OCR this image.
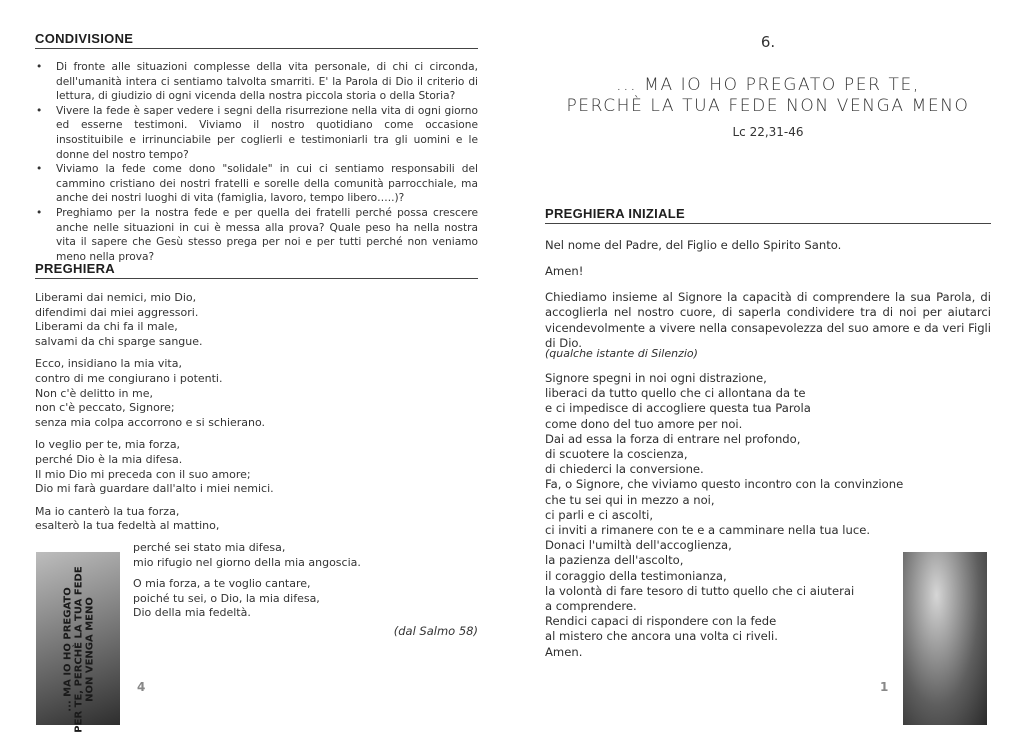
CONDIVISIONE
• Di fronte alle situazioni complesse della vita personale, di chi ci circonda, dell'umanità intera ci sentiamo talvolta smarriti. E' la Parola di Dio il criterio di lettura, di giudizio di ogni vicenda della nostra piccola storia o della Storia?
• Vivere la fede è saper vedere i segni della risurrezione nella vita di ogni giorno ed esserne testimoni. Viviamo il nostro quotidiano come occasione insostituibile e irrinunciabile per coglierli e testimoniarli tra gli uomini e le donne del nostro tempo?
• Viviamo la fede come dono "solidale" in cui ci sentiamo responsabili del cammino cristiano dei nostri fratelli e sorelle della comunità parrocchiale, ma anche dei nostri luoghi di vita (famiglia, lavoro, tempo libero…..)?
• Preghiamo per la nostra fede e per quella dei fratelli perché possa crescere anche nelle situazioni in cui è messa alla prova? Quale peso ha nella nostra vita il sapere che Gesù stesso prega per noi e per tutti perché non veniamo meno nella prova?
PREGHIERA

Liberami dai nemici, mio Dio,
difendimi dai miei aggressori.
Liberami da chi fa il male,
salvami da chi sparge sangue.

Ecco, insidiano la mia vita,
contro di me congiurano i potenti.
Non c'è delitto in me,
non c'è peccato, Signore;
senza mia colpa accorrono e si schierano.

Io veglio per te, mia forza,
perché Dio è la mia difesa.
Il mio Dio mi preceda con il suo amore;
Dio mi farà guardare dall'alto i miei nemici.

Ma io canterò la tua forza,
esalterò la tua fedeltà al mattino,

perché sei stato mia difesa,
mio rifugio nel giorno della mia angoscia.

O mia forza, a te voglio cantare,
poiché tu sei, o Dio, la mia difesa,
Dio della mia fedeltà.

(dal Salmo 58)
... MA IO HO PREGATO PER TE, PERCHÈ LA TUA FEDE NON VENGA MENO	4
6.
... MA IO HO PREGATO PER TE,
PERCHÈ LA TUA FEDE NON VENGA MENO
Lc 22,31-46
PREGHIERA INIZIALE

Nel nome del Padre, del Figlio e dello Spirito Santo.

Amen!

Chiediamo insieme al Signore la capacità di comprendere la sua Parola, di accoglierla nel nostro cuore, di saperla condividere tra di noi per aiutarci vicendevolmente a vivere nella consapevolezza del suo amore e da veri Figli di Dio.

(qualche istante di Silenzio)

Signore spegni in noi ogni distrazione,
liberaci da tutto quello che ci allontana da te
e ci impedisce di accogliere questa tua Parola
come dono del tuo amore per noi.
Dai ad essa la forza di entrare nel profondo,
di scuotere la coscienza,
di chiederci la conversione.
Fa, o Signore, che viviamo questo incontro con la convinzione
che tu sei qui in mezzo a noi,
ci parli e ci ascolti,
ci inviti a rimanere con te e a camminare nella tua luce.
Donaci l'umiltà dell'accoglienza,
la pazienza dell'ascolto,
il coraggio della testimonianza,
la volontà di fare tesoro di tutto quello che ci aiuterai
a comprendere.
Rendici capaci di rispondere con la fede
al mistero che ancora una volta ci riveli.
Amen.

1
